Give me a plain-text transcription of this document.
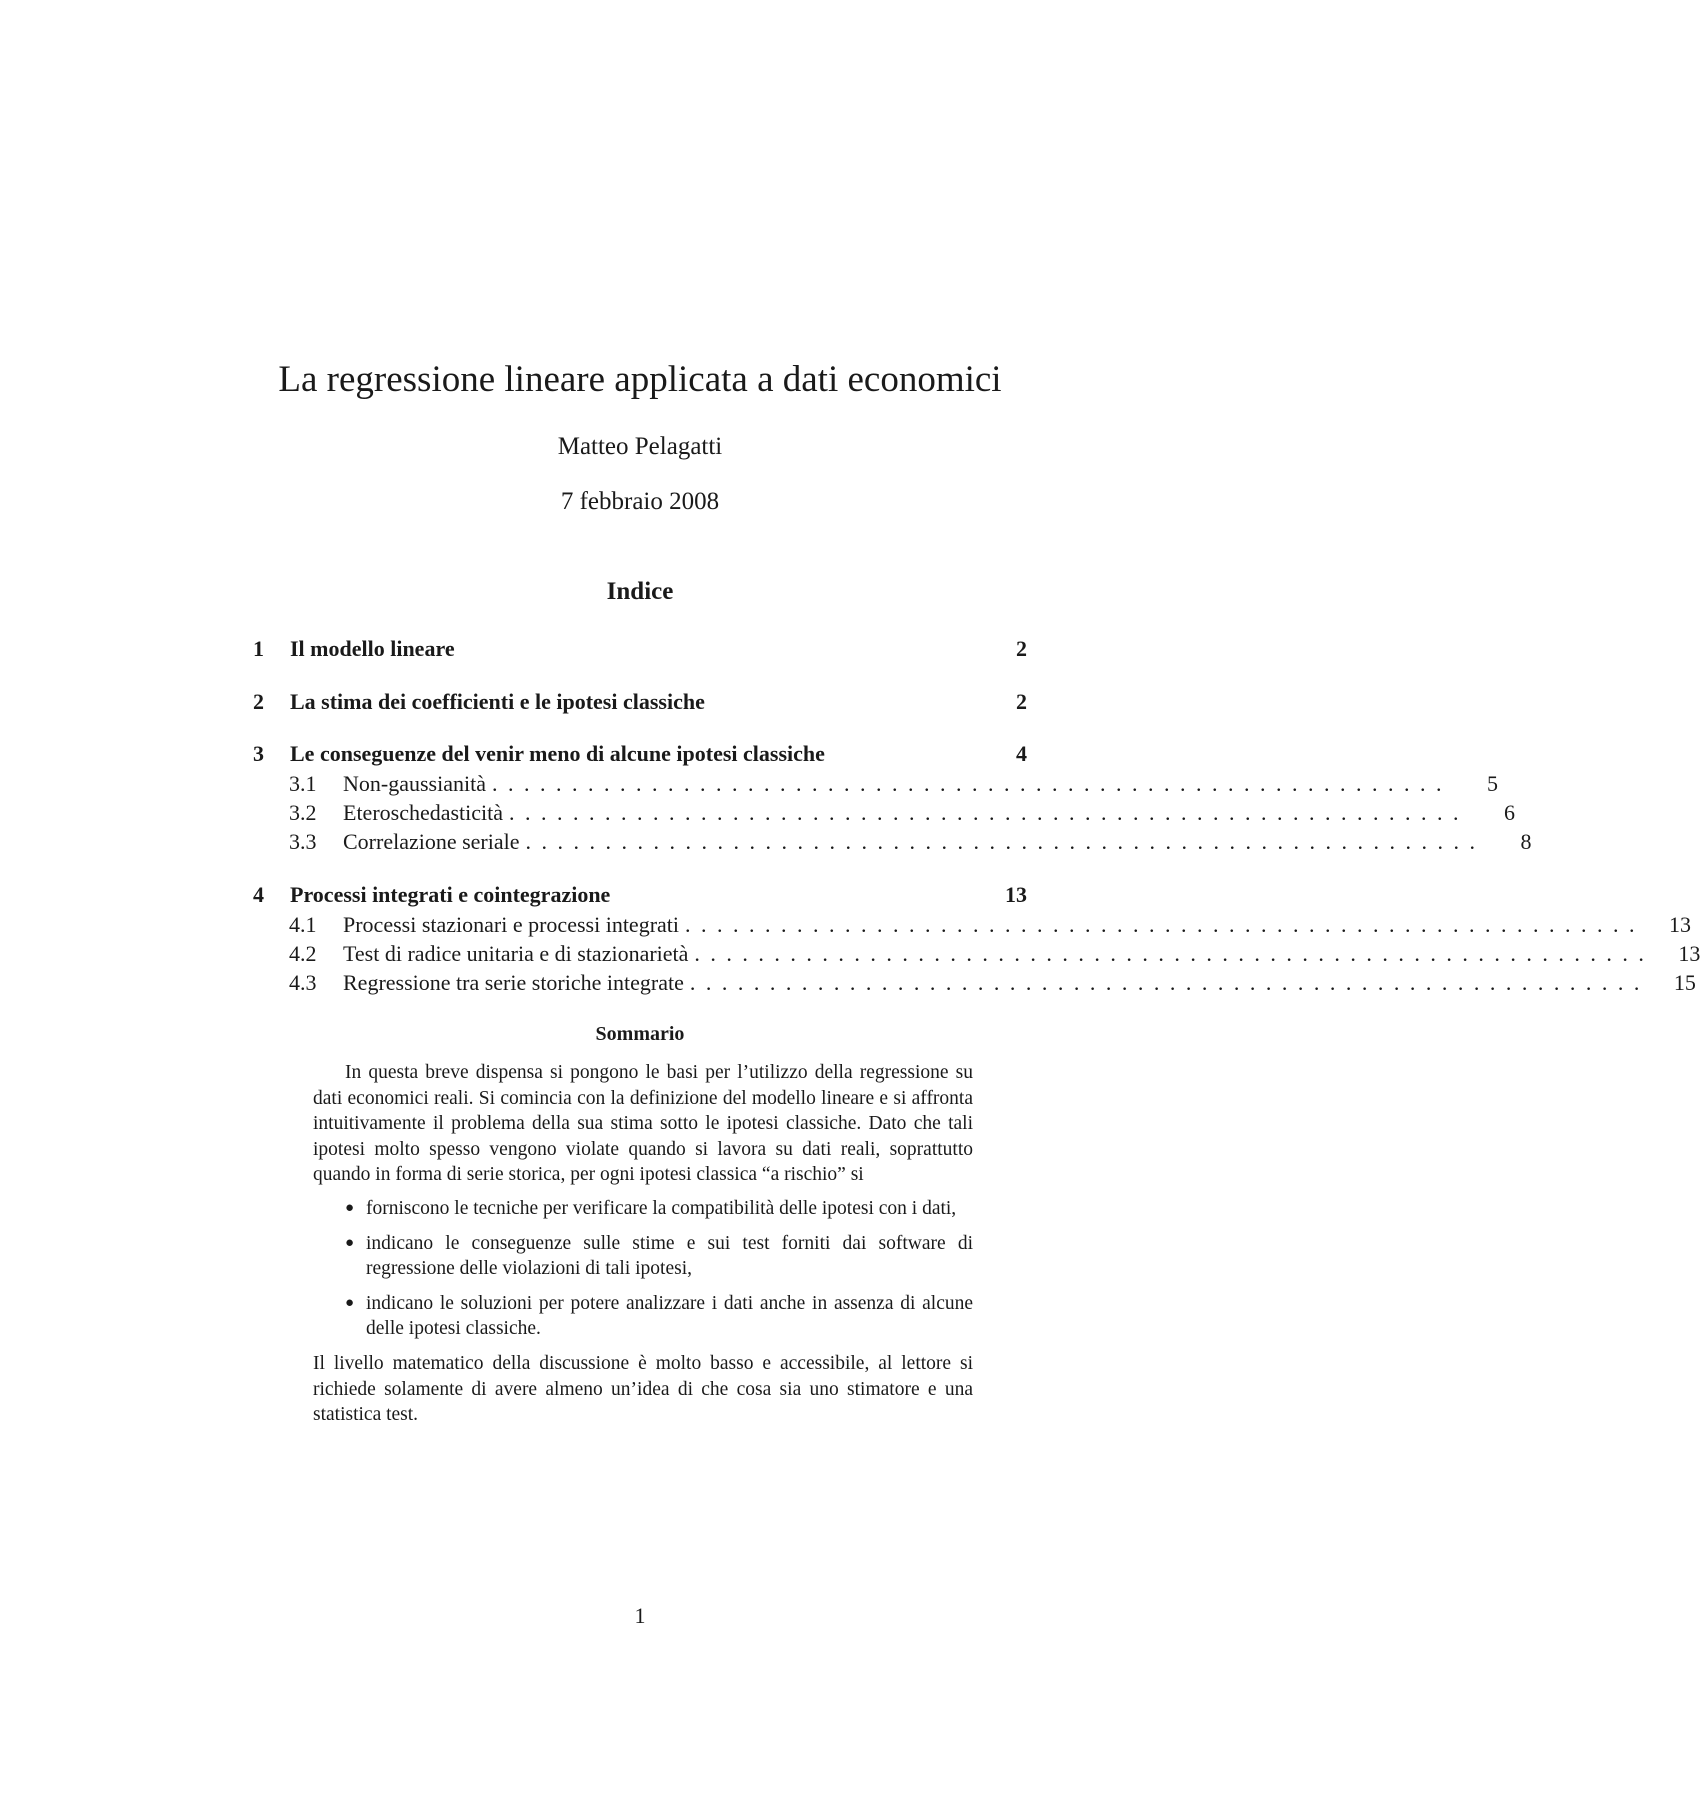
La regressione lineare applicata a dati economici
Matteo Pelagatti
7 febbraio 2008
Indice
1	Il modello lineare	2
2	La stima dei coefficienti e le ipotesi classiche	2
3	Le conseguenze del venir meno di alcune ipotesi classiche	4
3.1	Non-gaussianità ............................................................	5
3.2	Eteroschedasticità ............................................................	6
3.3	Correlazione seriale ............................................................	8
4	Processi integrati e cointegrazione	13
4.1	Processi stazionari e processi integrati ............................................................	13
4.2	Test di radice unitaria e di stazionarietà ............................................................	13
4.3	Regressione tra serie storiche integrate ............................................................	15
Sommario

In questa breve dispensa si pongono le basi per l’utilizzo della regressione su dati economici reali. Si comincia con la definizione del modello lineare e si affronta intuitivamente il problema della sua stima sotto le ipotesi classiche. Dato che tali ipotesi molto spesso vengono violate quando si lavora su dati reali, soprattutto quando in forma di serie storica, per ogni ipotesi classica “a rischio” si

● forniscono le tecniche per verificare la compatibilità delle ipotesi con i dati,
● indicano le conseguenze sulle stime e sui test forniti dai software di regressione delle violazioni di tali ipotesi,
● indicano le soluzioni per potere analizzare i dati anche in assenza di alcune delle ipotesi classiche.

Il livello matematico della discussione è molto basso e accessibile, al lettore si richiede solamente di avere almeno un’idea di che cosa sia uno stimatore e una statistica test.

1
